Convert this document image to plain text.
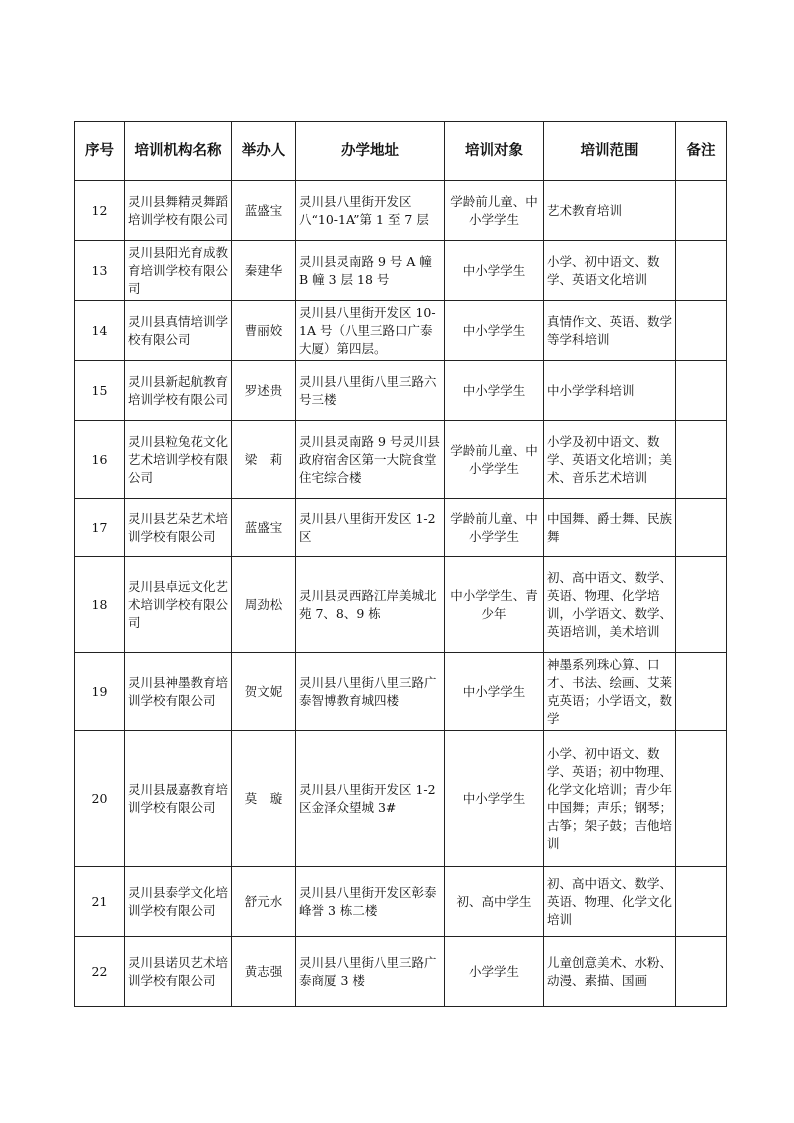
序号	培训机构名称	举办人	办学地址	培训对象	培训范围	备注
12	灵川县舞精灵舞蹈培训学校有限公司	蓝盛宝	灵川县八里街开发区八“10-1A”第 1 至 7 层	学龄前儿童、中小学学生	艺术教育培训	
13	灵川县阳光育成教育培训学校有限公司	秦建华	灵川县灵南路 9 号 A 幢 B 幢 3 层 18 号	中小学学生	小学、初中语文、数学、英语文化培训	
14	灵川县真情培训学校有限公司	曹丽姣	灵川县八里街开发区 10-1A 号（八里三路口广泰大厦）第四层。	中小学学生	真情作文、英语、数学等学科培训	
15	灵川县新起航教育培训学校有限公司	罗述贵	灵川县八里街八里三路六号三楼	中小学学生	中小学学科培训	
16	灵川县粒兔花文化艺术培训学校有限公司	梁　莉	灵川县灵南路 9 号灵川县政府宿舍区第一大院食堂住宅综合楼	学龄前儿童、中小学学生	小学及初中语文、数学、英语文化培训；美术、音乐艺术培训	
17	灵川县艺朵艺术培训学校有限公司	蓝盛宝	灵川县八里街开发区 1-2 区	学龄前儿童、中小学学生	中国舞、爵士舞、民族舞	
18	灵川县卓远文化艺术培训学校有限公司	周劲松	灵川县灵西路江岸美城北苑 7、8、9 栋	中小学学生、青少年	初、高中语文、数学、英语、物理、化学培训，小学语文、数学、英语培训，美术培训	
19	灵川县神墨教育培训学校有限公司	贺文妮	灵川县八里街八里三路广泰智博教育城四楼	中小学学生	神墨系列珠心算、口才、书法、绘画、艾莱克英语；小学语文，数学	
20	灵川县晟嘉教育培训学校有限公司	莫　璇	灵川县八里街开发区 1-2 区金泽众望城 3#	中小学学生	小学、初中语文、数学、英语；初中物理、化学文化培训；青少年中国舞；声乐；钢琴；古筝；架子鼓；吉他培训	
21	灵川县泰学文化培训学校有限公司	舒元水	灵川县八里街开发区彰泰峰誉 3 栋二楼	初、高中学生	初、高中语文、数学、英语、物理、化学文化培训	
22	灵川县诺贝艺术培训学校有限公司	黄志强	灵川县八里街八里三路广泰商厦 3 楼	小学学生	儿童创意美术、水粉、动漫、素描、国画	
